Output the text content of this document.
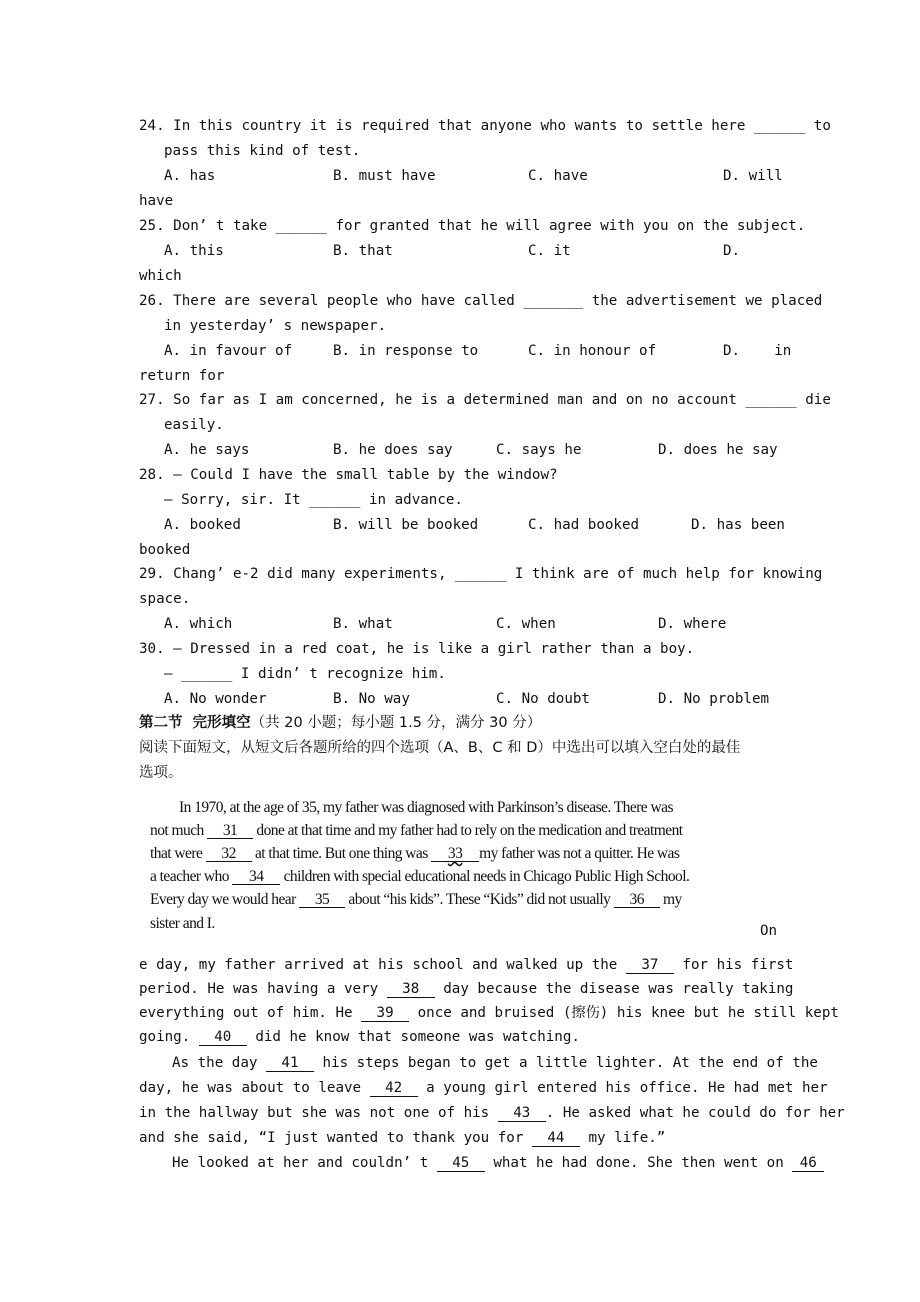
24. In this country it is required that anyone who wants to settle here ______ to
pass this kind of test.
A. has	B. must have	C. have	D. will
have
25. Don’ t take ______ for granted that he will agree with you on the subject.
A. this	B. that	C. it	D.
which
26. There are several people who have called _______ the advertisement we placed
in yesterday’ s newspaper.
A. in favour of	B. in response to	C. in honour of	D.    in
return for
27. So far as I am concerned, he is a determined man and on no account ______ die
easily.
A. he says	B. he does say	C. says he	D. does he say
28. — Could I have the small table by the window?
— Sorry, sir. It ______ in advance.
A. booked	B. will be booked	C. had booked	D. has been
booked
29. Chang’ e-2 did many experiments, ______ I think are of much help for knowing
space.
A. which	B. what	C. when	D. where
30. — Dressed in a red coat, he is like a girl rather than a boy.
— ______ I didn’ t recognize him.
A. No wonder	B. No way	C. No doubt	D. No problem
第二节  完形填空（共 20 小题；每小题 1.5 分，满分 30 分）
阅读下面短文，从短文后各题所给的四个选项（A、B、C 和 D）中选出可以填入空白处的最佳
选项。
In 1970, at the age of 35, my father was diagnosed with Parkinson’s disease. There was
not much 31 done at that time and my father had to rely on the medication and treatment
that were 32 at that time. But one thing was 33 my father was not a quitter. He was
a teacher who 34 children with special educational needs in Chicago Public High School.
Every day we would hear 35 about “his kids”. These “Kids” did not usually 36 my
sister and I.	On
e day, my father arrived at his school and walked up the 37 for his first
period. He was having a very 38 day because the disease was really taking
everything out of him. He 39 once and bruised (擦伤) his knee but he still kept
going. 40 did he know that someone was watching.
As the day 41 his steps began to get a little lighter. At the end of the
day, he was about to leave 42 a young girl entered his office. He had met her
in the hallway but she was not one of his 43 . He asked what he could do for her
and she said, “I just wanted to thank you for 44 my life.”
He looked at her and couldn’ t 45 what he had done. She then went on 46
